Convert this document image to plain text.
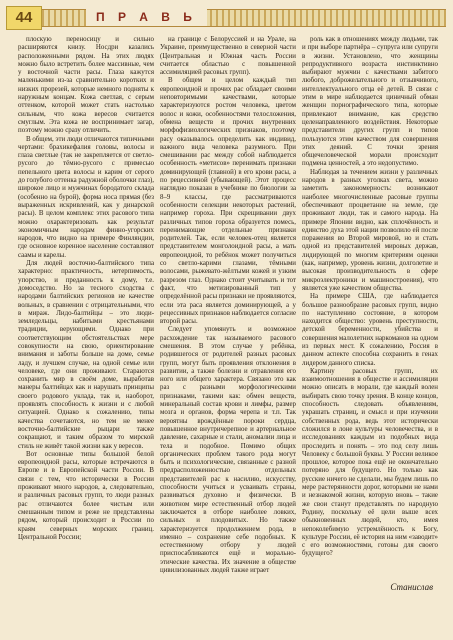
44	П Р А В Ь

плоскую переносицу и сильно расширяются книзу. Носдри казались расположенными рядом. На этих людях можно было встретить более массивные, чем у восточной части расы. Глаза кажутся маленькими из-за сравнительно коротких и низких прорезей, которые немного подняты к наружным концам. Кожа светлая, с серым оттенком, которой может стать настолько сильным, что кожа вересов считается смуглым. Эта кожа не воспринимает загар, поэтому можно сразу отличить.

В общем, эти люди отличаются типичными чертами: брахикефалия головы, волосы и глаза светлые (так не закрепляется от светло-русого до тёмно-русого с примесью пепельного цвета волосы и карим от серого до голубого оттенка радужной оболочки глаз), широкое лицо и мужчинах бородатого склада (особенно на бурой), форма носа прямая (без выраженных искривлений, как у динарской расы). В целом комплекс этих расового типа можно охарактеризовать как результат экономичным народам финно-угорских народов, что видно на примере Финляндии, где основное коренное население составляют саамы и карелы.

Для людей восточно-балтийского типа характерно: практичность, нетерпимость, упорство, и преданность к дому, т.е. домоседство. Но за тесного сходства с народами балтийских регионов не качестве вольных, в сравнении с отрицательными, что в мираж. Лидо-балтийцы – это люди-земледельцы, набитыми крестьянами традиции, верующими. Однако при соответствующим обстоятельствах мере совокупности на свою, ориентирование внимания и заботы больше на доме, семье ладу, и лучшем случае, на одной семье или человеке, где они проживают. Стараются сохранить мир в своём доме, выработав манеры балтийцах как и нарушать принципы своего родового уклада, так и, наоборот, проявлять способность к жизни и с любой ситуацией. Однако к сожалению, типы качества сочетаются, но тем не менее восточно-балтийские рыцари также сокращают, и таким образом то мирской стиль не живёт такой жизни как у вересов.

Вот основные типы большой белой европеоидной расы, которые встречаются в Европе и в Европейской части России. В связи с тем, что исторически в России проживают много народов, а, следовательно, и различных расовых групп, то люди разных рас отличаются более чистым или смешанным типом и реже не представлены рядом, который происходит в России по краям северных морских границ. Центральной России;

на границе с Белоруссией и на Урале, на Украине, преимущественно в северной части (Центральная и Южная часть России считается областью с повышенной ассимиляцией расовых групп).

В общем и целом каждый тип европеоидной и прочих рас обладает своими неповторимыми качествами, которые характеризуются ростом человека, цветом волос и кожи, особенностями телосложения, обмена веществ и прочих внутренних морфофизиологических признаков, поэтому расу оказывалось определить как индивид, важного вида человека разумного. При смешивании рас между собой наблюдается особенность «метисов» перенимать признаки доминирующей (главной) в его крови расы, а по рецессивной (убывающей). Этот процесс наглядно показан в учебнике по биологии за 8–9 классы, где рассматриваются особенности селекции некоторых растений, например гороха. При скрещивании двух различных типов гороха образуется помесь, перенимающие отдельные признаки родителей. Так, если человек-отец является представителем монголоидной расы, а мать европеоидной, то ребёнок может получиться со светло-карими глазами, тёмными волосами, рыжевато-жёлтыми кожей и узким разрезом глаз. Однако стоит учитывать и тот факт, что метизированный тип у определённой расы признаки не проявляются, если эта раса является доминирующей, а у рецессивных признаков наблюдается согласие второй расы.

Следует упомянуть и возможное расхождение так называемого расового смешения. В этом случае у ребёнка, родившегося от родителей разных расовых групп, могут быть проявления отклонения в развитии, а также болезни и отравления его ного или общего характера. Связано это как раз с разными морфологическими признаками, такими как: обмен веществ, минеральный состав крови и лимфы, размер мозга и органов, форма черепа и т.п. Так вероятны врождённые пороки сердца, повышенное внутричерепное и артериальное давление, сахарные и стали, аномалии лица и тела и подобное. Помимо общих органических проблем такого рода могут быть и психологические, связанные с разной предрасположенностью отдельных представителей рас к насилию, искусству, способности учиться и усваивать страны, развиваться духовно и физически. В животном мире естественный отбор людей заключается в отборе наиболее ловких, сильных и плодовитых. Но также характеризуется продолжением рода, в именно – сохранение себе подобных. К естественному отбору у людей приспосабливаются ещё и морально-этические качества. Их значение в обществе цивилизованных людей также играет

роль как в отношениях между людьми, так и при выборе партнёра – супруга или супруги в жизни. Установлено, что женщины репродуктивного возраста инстинктивно выбирают мужчин с качествами забитого любого, доброжелательного и отзывчивого, интеллектуального отца её детей. В связи с этим в мире наблюдается циничный обман женщин порнографического типа, которые привлекают внимание, как средство целенаправленного воздействия. Некоторые представители других групп и типов пользуются этим качеством для совершения этих деяний. С точки зрения общечеловеческой морали происходит подмена ценностей, а это недопустимо.

Наблюдая за течением жизни у различных народов в разных уголках света, можно заметить закономерность: возникают наиболее многочисленные расовые группы обеспечивают процветание на земле, где проживают люди, так и самого народа. На примере Японии видно, как сплочённость и единство духа этой нации позволило ей после поражения во Второй мировой, но и стать одной из представителей мировых держав, лидирующей по многим критериям оценки (как, например, уровень жизни, долголетие и высокая производительность в сфере микроэлектроники и машиностроения), что является уже качеством общества.

На примере США, где наблюдается большое разнообразие расовых групп, видно по наступлению состояние, в котором находится общество: уровень преступности, детской беременности, убийства и совершения малолетних наркоманов на одном из первых мест. К сожалению, Россия в данном аспекте способна сохранить в генах лидером данного списка.

Картину расовых групп, их взаимоотношения в обществе и ассимиляции можно описать в морали, где каждый волен выбирать свою точку зрения. В конце концов, способность следовать объявлениям, украшать страниц, и смысл и при изучении собственных рода, ведь этот исторически сложился в лоне культуры человечества, и в исследованиях каждым из подобных вида проследить и понять – это под селу лишь Человеку с большой буквы. У России великое прошлое, которое пока ещё не окончательно потеряно для будущего. Но только как русские ничего не сделали, мы будем лишь по мере растерянности дорог, которыми не нами и незнакомой жизни, которую вновь – такие же свои станут представлять по народную Родину, поскольку её цели выше всех обыкновенных людей, кто, имея непоколебимую устремлённость к Богу, культуре России, её история на ним «заводит» с его возможностями, готовы для своего будущего?

Станислав
